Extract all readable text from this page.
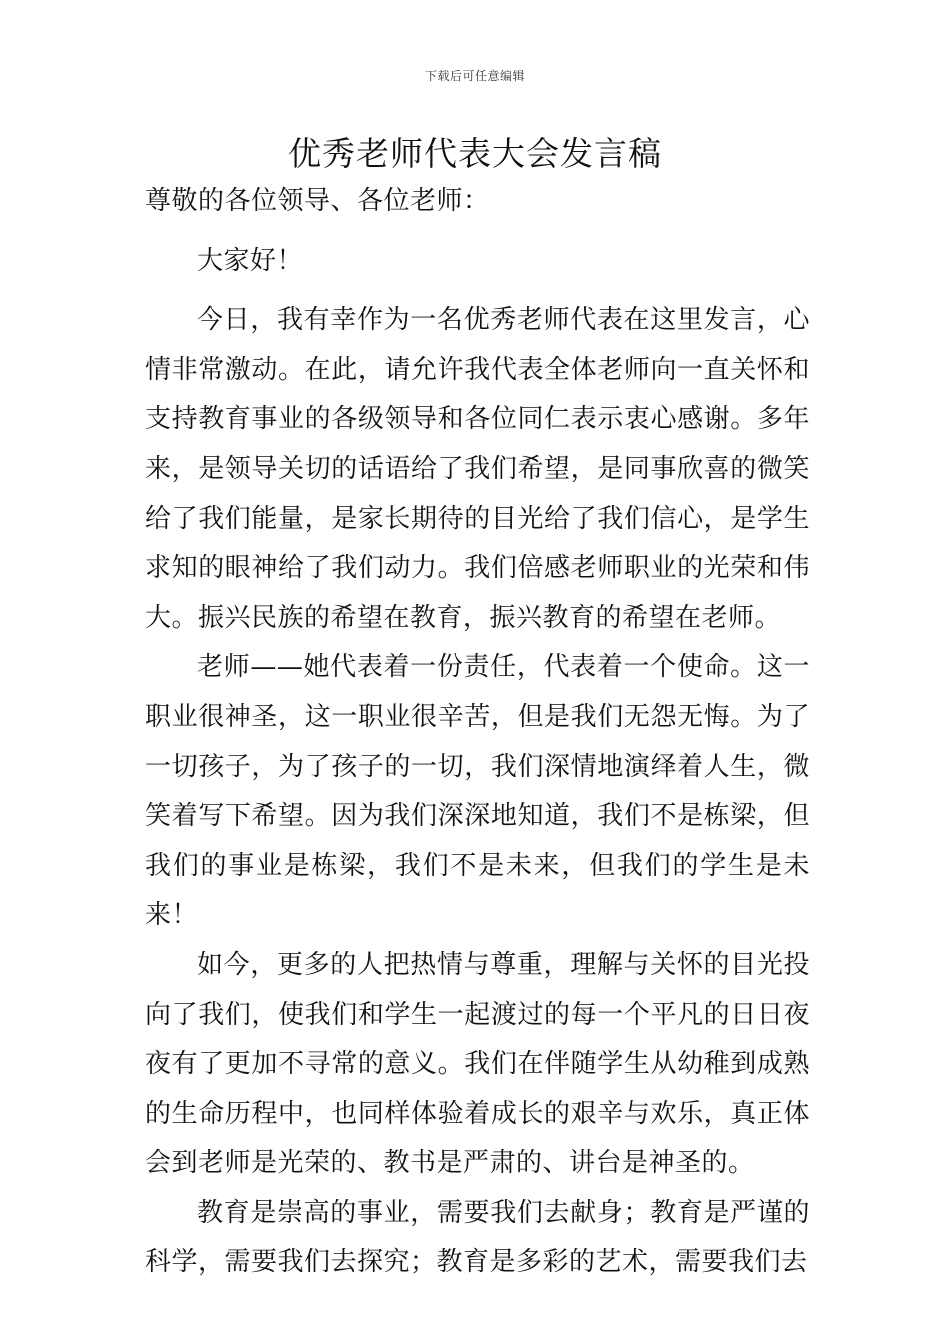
下载后可任意编辑
优秀老师代表大会发言稿

尊敬的各位领导、各位老师：

大家好！

今日，我有幸作为一名优秀老师代表在这里发言，心情非常激动。在此，请允许我代表全体老师向一直关怀和支持教育事业的各级领导和各位同仁表示衷心感谢。多年来，是领导关切的话语给了我们希望，是同事欣喜的微笑给了我们能量，是家长期待的目光给了我们信心，是学生求知的眼神给了我们动力。我们倍感老师职业的光荣和伟大。振兴民族的希望在教育，振兴教育的希望在老师。

老师——她代表着一份责任，代表着一个使命。这一职业很神圣，这一职业很辛苦，但是我们无怨无悔。为了一切孩子，为了孩子的一切，我们深情地演绎着人生，微笑着写下希望。因为我们深深地知道，我们不是栋梁，但我们的事业是栋梁，我们不是未来，但我们的学生是未来！

如今，更多的人把热情与尊重，理解与关怀的目光投向了我们，使我们和学生一起渡过的每一个平凡的日日夜夜有了更加不寻常的意义。我们在伴随学生从幼稚到成熟的生命历程中，也同样体验着成长的艰辛与欢乐，真正体会到老师是光荣的、教书是严肃的、讲台是神圣的。

教育是崇高的事业，需要我们去献身；教育是严谨的科学，需要我们去探究；教育是多彩的艺术，需要我们去
